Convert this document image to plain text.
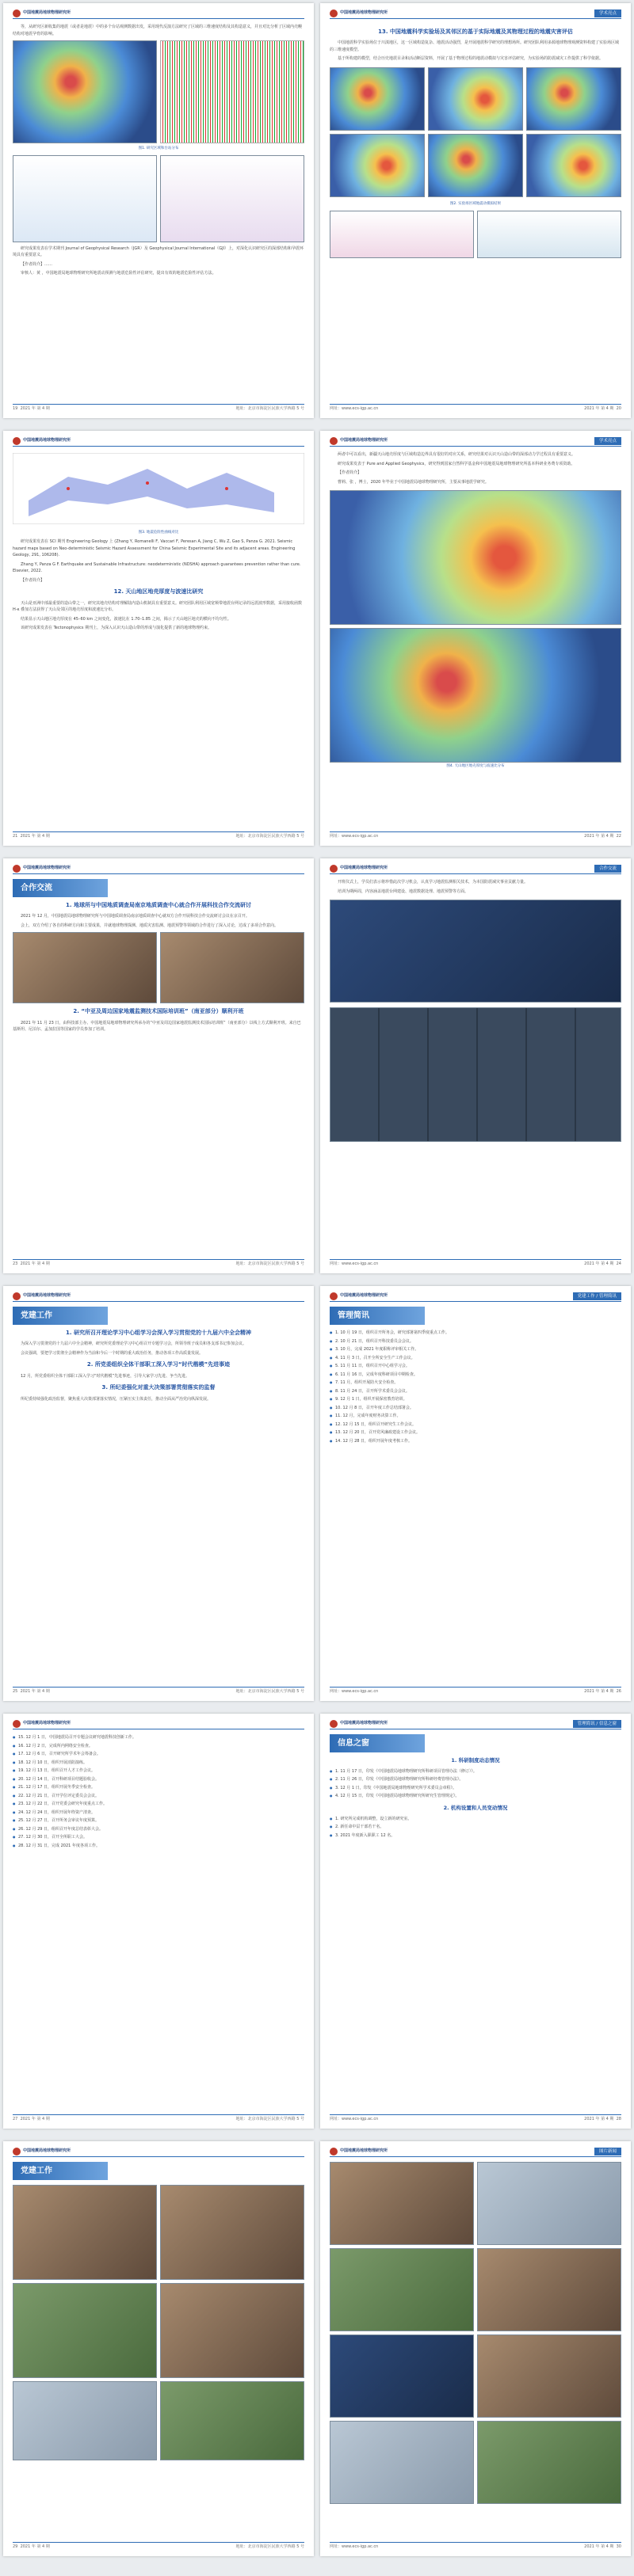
中国地震局地球物理研究所

等，从研究区新收集的地震（或者是地震）中的多个台站观测数据出发，采用现代反演方法研究了区域的三维速度结构及其构造意义，并且对比分析了区域内壳幔结构对地震孕育的影响。

图1. 研究区域和台站分布

研究成果发表在学术期刊 Journal of Geophysical Research（JGR）及 Geophysical Journal International（GJI）上，对深化认识研究区的深部结构和孕震环境具有重要意义。

【作者简介】……

审核人：黄 ，中国地震局地球物理研究所地震动预测与地震危险性评估研究，提出有效的地震危险性评估方法。

19 2021 年 第 4 期	地址：北京市海淀区民族大学西路 5 号
中国地震局地球物理研究所	学术亮点
13. 中国地震科学实验场及其邻区的基于实际地震及其物理过程的地震灾害评估

中国地震科学实验场位于川滇地区，这一区域构造复杂、地震活动强烈，是开展地震科学研究的理想场所。研究团队利用多源地球物理观测资料构建了实验场区域的三维速度模型。

基于所构建的模型，结合历史地震目录和活动断层资料，开展了基于物理过程的地震动模拟与灾害评估研究，为实验场的防震减灾工作提供了科学依据。

图2. 实验场区域地震动模拟结果
网址：www.ecs-igp.ac.cn	2021 年 第 4 期 20
中国地震局地球物理研究所
图3. 地震危险性曲线对比

研究成果发表在 SCI 期刊 Engineering Geology 上 (Zhang Y, Romanelli F, Vaccari F, Peresan A, Jiang C, Wu Z, Gao S, Panza G. 2021. Seismic hazard maps based on Neo-deterministic Seismic Hazard Assessment for China Seismic Experimental Site and its adjacent areas. Engineering Geology, 291, 106208).

Zhang Y, Panza G F. Earthquake and Sustainable Infrastructure: neodeterministic (NDSHA) approach guarantees prevention rather than cure. Elsevier, 2022.

【作者简介】

12. 天山地区地壳厚度与波速比研究

天山是亚洲中部最重要的造山带之一，研究其地壳结构对理解陆内造山机制具有重要意义。研究团队利用区域宽频带地震台网记录的远震波形数据，采用接收函数 H-κ 叠加方法获得了天山及邻区的地壳厚度和波速比分布。

结果显示天山地区地壳厚度在 45–60 km 之间变化，波速比在 1.70–1.85 之间，揭示了天山地区地壳的横向不均匀性。

该研究成果发表在 Tectonophysics 期刊上，为深入认识天山造山带的形成与演化提供了新的地球物理约束。

21 2021 年 第 4 期	地址：北京市海淀区民族大学西路 5 号
中国地震局地球物理研究所	学术亮点

两者中可以看出，新疆天山地壳厚度与区域构造边界具有很好的对应关系，研究结果对认识天山造山带的深部动力学过程具有重要意义。

研究成果发表于 Pure and Applied Geophysics，研究得到国家自然科学基金和中国地震局地球物理研究所基本科研业务费专项资助。

【作者简介】

曹莉、张 ，博士，2020 年毕业于中国地震局地球物理研究所，主要从事地震学研究。

图4. 天山地区地壳厚度与波速比分布
网址：www.ecs-igp.ac.cn	2021 年 第 4 期 22
中国地震局地球物理研究所
合作交流
1. 地球所与中国地质调查局南京地质调查中心就合作开展科技合作交流研讨

2021 年 12 月，中国地震局地球物理研究所与中国地质调查局南京地质调查中心就双方合作开展科技合作交流研讨会议在京召开。

会上，双方介绍了各自的科研方向和主要成果，并就地球物理探测、地质灾害监测、地震预警等领域的合作进行了深入讨论，达成了多项合作意向。

2. “中亚及周边国家地震监测技术国际培训班”（南亚部分）顺利开班

2021 年 11 月 23 日，由科技部主办、中国地震局地球物理研究所承办的“中亚及周边国家地震监测技术国际培训班”（南亚部分）以线上方式顺利开班。来自巴基斯坦、尼泊尔、孟加拉国等国家的学员参加了培训。

23 2021 年 第 4 期	地址：北京市海淀区民族大学西路 5 号
中国地震局地球物理研究所	合作交流

开班仪式上，学员们表示将珍惜此次学习机会，认真学习地震监测相关技术，为本国防震减灾事业贡献力量。

培训为期两周，内容涵盖地震台网建设、地震数据处理、地震预警等方面。

网址：www.ecs-igp.ac.cn	2021 年 第 4 期 24
中国地震局地球物理研究所
党建工作
1. 研究所召开理论学习中心组学习会深入学习贯彻党的十九届六中全会精神

为深入学习贯彻党的十九届六中全会精神，研究所党委理论学习中心组召开专题学习会，所领导班子成员和各支部书记参加会议。

会议强调，要把学习贯彻全会精神作为当前和今后一个时期的重大政治任务，推动各项工作高质量发展。

2. 所党委组织全体干部职工深入学习“时代楷模”先进事迹

12 月，所党委组织全体干部职工深入学习“时代楷模”先进事迹，引导大家学习先进、争当先进。

3. 所纪委强化对重大决策部署贯彻落实的监督

所纪委持续强化政治监督，聚焦重大决策部署落实情况，压紧压实主体责任，推动全面从严治党向纵深发展。

25 2021 年 第 4 期	地址：北京市海淀区民族大学西路 5 号
中国地震局地球物理研究所	党建工作 / 管理简讯
管理简讯
● 1. 10 月 19 日，组织召开所务会，研究部署第四季度重点工作。
● 2. 10 月 21 日，组织召开科技委员会会议。
● 3. 10 月，完成 2021 年度职称评审相关工作。
● 4. 11 月 3 日，召开全所安全生产工作会议。
● 5. 11 月 11 日，组织召开中心组学习会。
● 6. 11 月 16 日，完成年度科研项目中期检查。
● 7. 11 月，组织开展防火安全检查。
● 8. 11 月 24 日，召开所学术委员会会议。
● 9. 12 月 1 日，组织开展保密教育培训。
● 10. 12 月 8 日，召开年度工作总结部署会。
● 11. 12 月，完成年度财务决算工作。
● 12. 12 月 15 日，组织召开研究生工作会议。
● 13. 12 月 20 日，召开党风廉政建设工作会议。
● 14. 12 月 28 日，组织开展年度考核工作。
网址：www.ecs-igp.ac.cn	2021 年 第 4 期 26
中国地震局地球物理研究所
● 15. 12 月 1 日，中国地震局召开专题会议研究地震科技创新工作。
● 16. 12 月 2 日，完成所内网络安全检查。
● 17. 12 月 6 日，召开研究所学术年会筹备会。
● 18. 12 月 10 日，组织开展消防演练。
● 19. 12 月 13 日，组织召开人才工作会议。
● 20. 12 月 14 日，召开科研项目结题验收会。
● 21. 12 月 17 日，组织开展冬季安全检查。
● 22. 12 月 21 日，召开学位评定委员会会议。
● 23. 12 月 22 日，召开党委会研究年度重点工作。
● 24. 12 月 24 日，组织开展年终资产清查。
● 25. 12 月 27 日，召开所务会审议年度预算。
● 26. 12 月 29 日，组织召开年度总结表彰大会。
● 27. 12 月 30 日，召开全所职工大会。
● 28. 12 月 31 日，完成 2021 年度各项工作。
27 2021 年 第 4 期	地址：北京市海淀区民族大学西路 5 号
中国地震局地球物理研究所	管理简讯 / 信息之窗
信息之窗
1. 科研制度动态情况
● 1. 11 月 17 日，印发《中国地震局地球物理研究所科研项目管理办法（修订）》。
● 2. 11 月 26 日，印发《中国地震局地球物理研究所科研经费管理办法》。
● 3. 12 月 1 日，印发《中国地震局地球物理研究所学术委员会章程》。
● 4. 12 月 15 日，印发《中国地震局地球物理研究所研究生管理规定》。
2. 机构设置和人员变动情况
● 1. 研究所完成机构调整，设立新的研究室。
● 2. 新任命中层干部若干名。
● 3. 2021 年度新入职职工 12 名。
网址：www.ecs-igp.ac.cn	2021 年 第 4 期 28
中国地震局地球物理研究所
党建工作
29 2021 年 第 4 期	地址：北京市海淀区民族大学西路 5 号
中国地震局地球物理研究所	图片新闻
网址：www.ecs-igp.ac.cn	2021 年 第 4 期 30
